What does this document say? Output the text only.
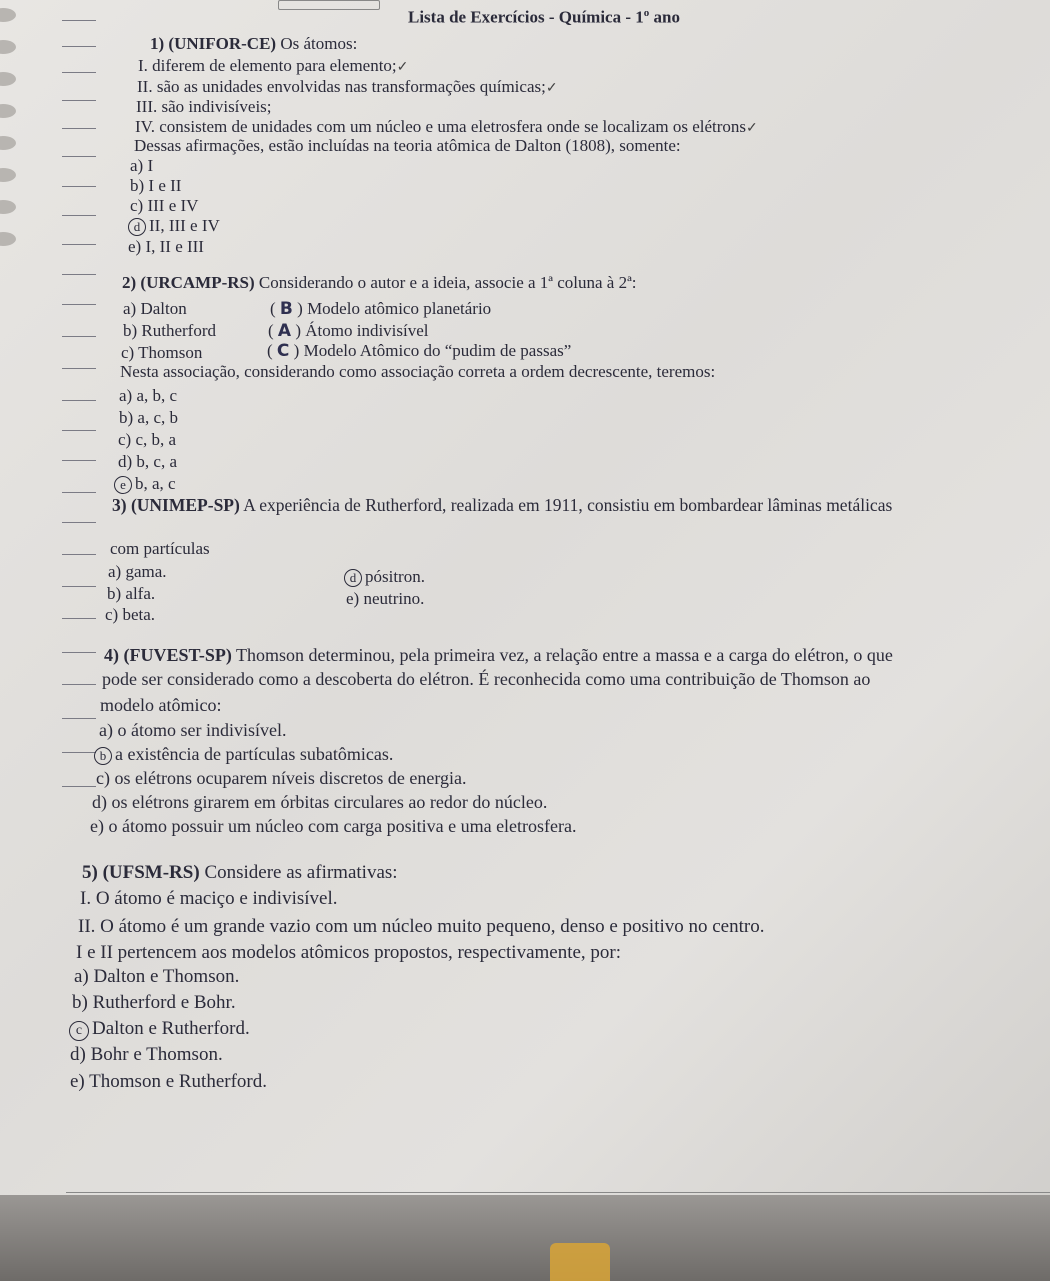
Lista de Exercícios - Química - 1$^o$ ano
1) (UNIFOR-CE) Os átomos:
I. diferem de elemento para elemento;✓
II. são as unidades envolvidas nas transformações químicas;✓
III. são indivisíveis;
IV. consistem de unidades com um núcleo e uma eletrosfera onde se localizam os elétrons✓
Dessas afirmações, estão incluídas na teoria atômica de Dalton (1808), somente:
a) I
b) I e II
c) III e IV
d II, III e IV
e) I, II e III
2) (URCAMP-RS) Considerando o autor e a ideia, associe a 1ª coluna à 2ª:
a) Dalton	( B ) Modelo atômico planetário
b) Rutherford	( A ) Átomo indivisível
c) Thomson	( C ) Modelo Atômico do “pudim de passas”
Nesta associação, considerando como associação correta a ordem decrescente, teremos:
a) a, b, c
b) a, c, b
c) c, b, a
d) b, c, a
e b, a, c
3) (UNIMEP-SP) A experiência de Rutherford, realizada em 1911, consistiu em bombardear lâminas metálicas
com partículas
a) gama.
b) alfa.
c) beta.
d pósitron.
e) neutrino.
4) (FUVEST-SP) Thomson determinou, pela primeira vez, a relação entre a massa e a carga do elétron, o que
pode ser considerado como a descoberta do elétron. É reconhecida como uma contribuição de Thomson ao
modelo atômico:
a) o átomo ser indivisível.
b a existência de partículas subatômicas.
c) os elétrons ocuparem níveis discretos de energia.
d) os elétrons girarem em órbitas circulares ao redor do núcleo.
e) o átomo possuir um núcleo com carga positiva e uma eletrosfera.
5) (UFSM-RS) Considere as afirmativas:
I. O átomo é maciço e indivisível.
II. O átomo é um grande vazio com um núcleo muito pequeno, denso e positivo no centro.
I e II pertencem aos modelos atômicos propostos, respectivamente, por:
a) Dalton e Thomson.
b) Rutherford e Bohr.
c Dalton e Rutherford.
d) Bohr e Thomson.
e) Thomson e Rutherford.
